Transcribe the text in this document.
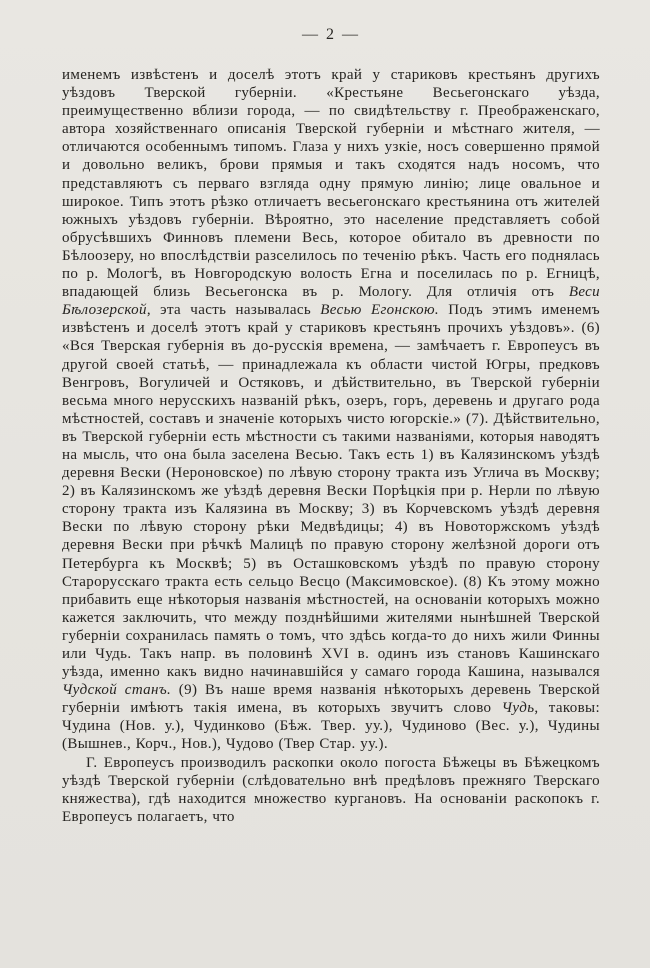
— 2 —

именемъ извѣстенъ и доселѣ этотъ край у стариковъ крестьянъ другихъ уѣздовъ Тверской губерніи. «Крестьяне Весьегонскаго уѣзда, преимущественно вблизи города, — по свидѣтельству г. Преображенскаго, автора хозяйственнаго описанія Тверской губерніи и мѣстнаго жителя, — отличаются особеннымъ типомъ. Глаза у нихъ узкіе, носъ совершенно прямой и довольно великъ, брови прямыя и такъ сходятся надъ носомъ, что представляютъ съ перваго взгляда одну прямую линію; лице овальное и широкое. Типъ этотъ рѣзко отличаетъ весьегонскаго крестьянина отъ жителей южныхъ уѣздовъ губерніи. Вѣроятно, это население представляетъ собой обрусѣвшихъ Финновъ племени Весь, которое обитало въ древности по Бѣлоозеру, но впослѣдствіи разселилось по теченію рѣкъ. Часть его поднялась по р. Мологѣ, въ Новгородскую волость Егна и поселилась по р. Егницѣ, впадающей близь Весьегонска въ р. Мологу. Для отличія отъ Веси Бѣлозерской, эта часть называлась Весью Егонскою. Подъ этимъ именемъ извѣстенъ и доселѣ этотъ край у стариковъ крестьянъ прочихъ уѣздовъ». (6) «Вся Тверская губернія въ до-русскія времена, — замѣчаетъ г. Европеусъ въ другой своей статьѣ, — принадлежала къ области чистой Югры, предковъ Венгровъ, Вогуличей и Остяковъ, и дѣйствительно, въ Тверской губерніи весьма много нерусскихъ названій рѣкъ, озеръ, горъ, деревень и другаго рода мѣстностей, составъ и значеніе которыхъ чисто югорскіе.» (7). Дѣйствительно, въ Тверской губерніи есть мѣстности съ такими названіями, которыя наводятъ на мысль, что она была заселена Весью. Такъ есть 1) въ Калязинскомъ уѣздѣ деревня Вески (Нероновское) по лѣвую сторону тракта изъ Углича въ Москву; 2) въ Калязинскомъ же уѣздѣ деревня Вески Порѣцкія при р. Нерли по лѣвую сторону тракта изъ Калязина въ Москву; 3) въ Корчевскомъ уѣздѣ деревня Вески по лѣвую сторону рѣки Медвѣдицы; 4) въ Новоторжскомъ уѣздѣ деревня Вески при рѣчкѣ Малицѣ по правую сторону желѣзной дороги отъ Петербурга къ Москвѣ; 5) въ Осташковскомъ уѣздѣ по правую сторону Старорусскаго тракта есть сельцо Весцо (Максимовское). (8) Къ этому можно прибавить еще нѣкоторыя названія мѣстностей, на основаніи которыхъ можно кажется заключить, что между позднѣйшими жителями нынѣшней Тверской губерніи сохранилась память о томъ, что здѣсь когда-то до нихъ жили Финны или Чудь. Такъ напр. въ половинѣ XVI в. одинъ изъ становъ Кашинскаго уѣзда, именно какъ видно начинавшійся у самаго города Кашина, назывался Чудской станъ. (9) Въ наше время названія нѣкоторыхъ деревень Тверской губерніи имѣютъ такія имена, въ которыхъ звучитъ слово Чудь, таковы: Чудина (Нов. у.), Чудинково (Бѣж. Твер. уу.), Чудиново (Вес. у.), Чудины (Вышнев., Корч., Нов.), Чудово (Твер Стар. уу.).

Г. Европеусъ производилъ раскопки около погоста Бѣжецы въ Бѣжецкомъ уѣздѣ Тверской губерніи (слѣдовательно внѣ предѣловъ прежняго Тверскаго княжества), гдѣ находится множество кургановъ. На основаніи раскопокъ г. Европеусъ полагаетъ, что
